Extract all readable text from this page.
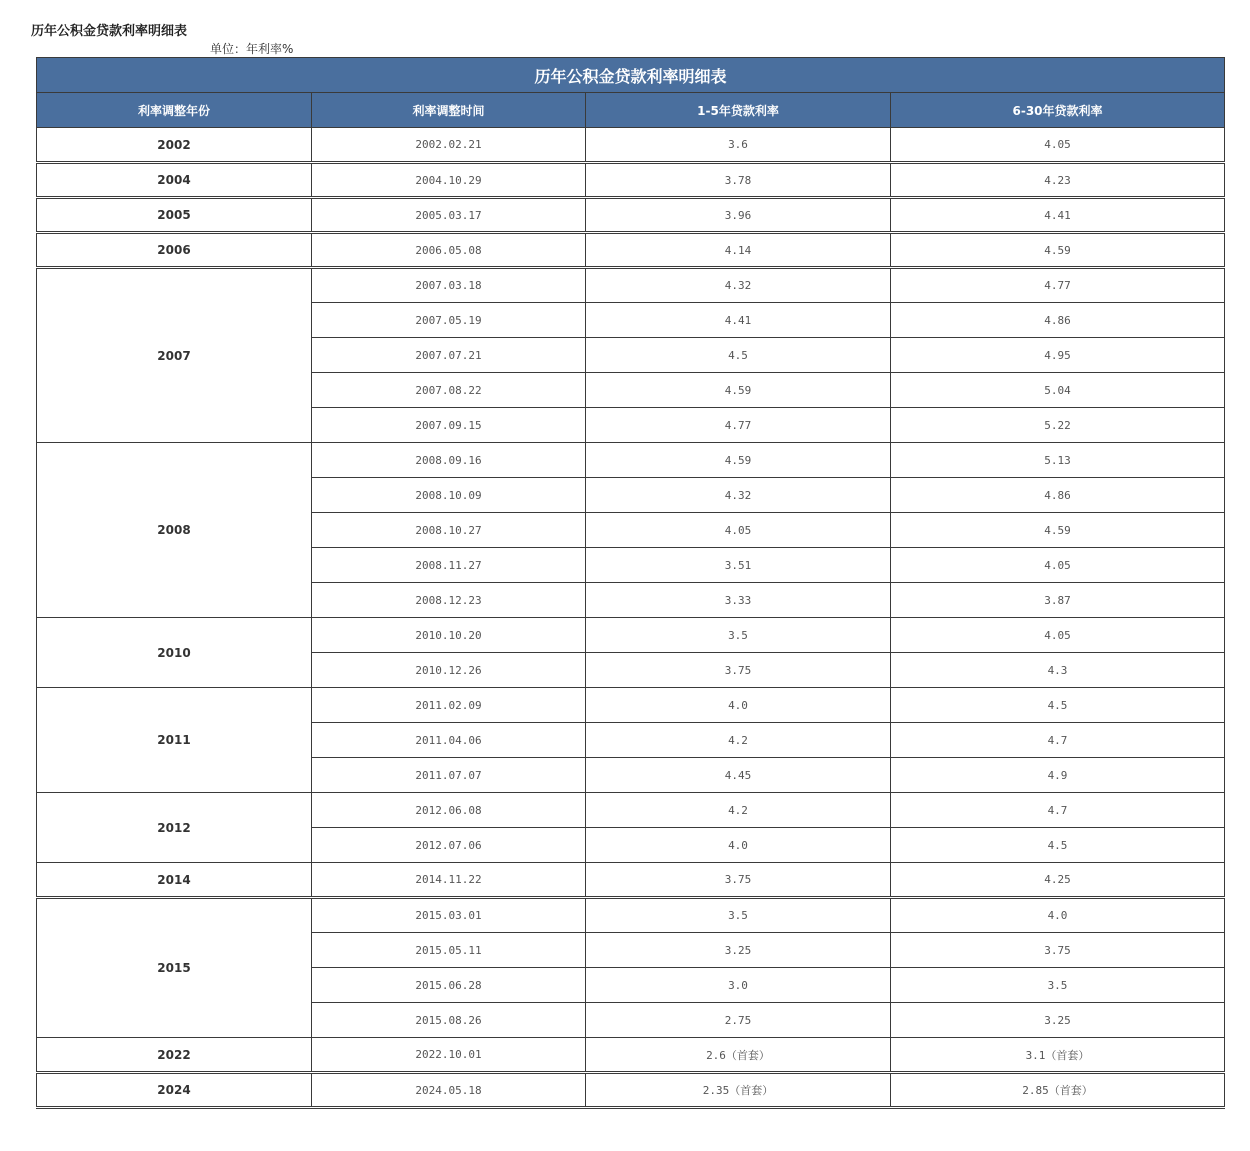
历年公积金贷款利率明细表
单位：年利率%
历年公积金贷款利率明细表			
利率调整年份	利率调整时间	1-5年贷款利率	6-30年贷款利率
2002	2002.02.21	3.6	4.05
2004	2004.10.29	3.78	4.23
2005	2005.03.17	3.96	4.41
2006	2006.05.08	4.14	4.59
2007	2007.03.18	4.32	4.77
	2007.05.19	4.41	4.86
	2007.07.21	4.5	4.95
	2007.08.22	4.59	5.04
	2007.09.15	4.77	5.22
2008	2008.09.16	4.59	5.13
	2008.10.09	4.32	4.86
	2008.10.27	4.05	4.59
	2008.11.27	3.51	4.05
	2008.12.23	3.33	3.87
2010	2010.10.20	3.5	4.05
	2010.12.26	3.75	4.3
2011	2011.02.09	4.0	4.5
	2011.04.06	4.2	4.7
	2011.07.07	4.45	4.9
2012	2012.06.08	4.2	4.7
	2012.07.06	4.0	4.5
2014	2014.11.22	3.75	4.25
2015	2015.03.01	3.5	4.0
	2015.05.11	3.25	3.75
	2015.06.28	3.0	3.5
	2015.08.26	2.75	3.25
2022	2022.10.01	2.6（首套）	3.1（首套）
2024	2024.05.18	2.35（首套）	2.85（首套）
